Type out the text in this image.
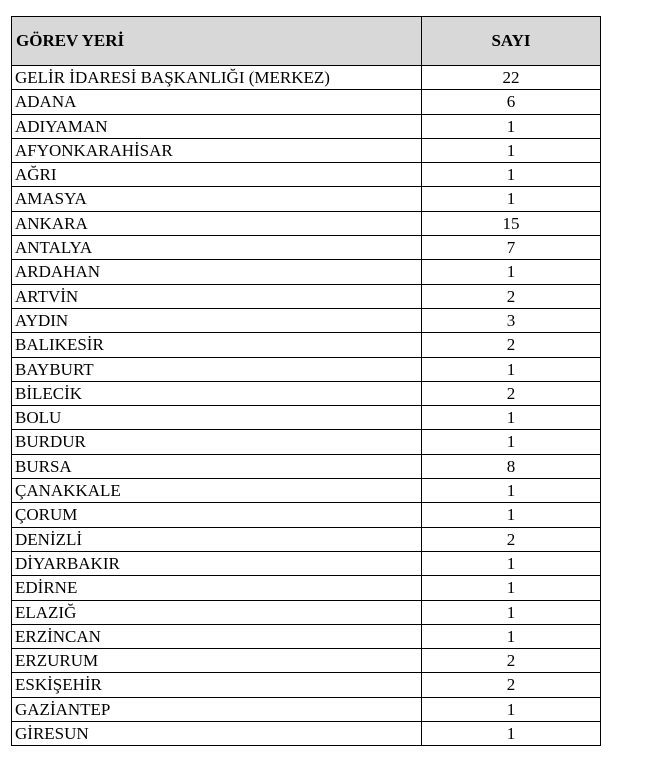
GÖREV YERİ	SAYI
GELİR İDARESİ BAŞKANLIĞI (MERKEZ)	22
ADANA	6
ADIYAMAN	1
AFYONKARAHİSAR	1
AĞRI	1
AMASYA	1
ANKARA	15
ANTALYA	7
ARDAHAN	1
ARTVİN	2
AYDIN	3
BALIKESİR	2
BAYBURT	1
BİLECİK	2
BOLU	1
BURDUR	1
BURSA	8
ÇANAKKALE	1
ÇORUM	1
DENİZLİ	2
DİYARBAKIR	1
EDİRNE	1
ELAZIĞ	1
ERZİNCAN	1
ERZURUM	2
ESKİŞEHİR	2
GAZİANTEP	1
GİRESUN	1
